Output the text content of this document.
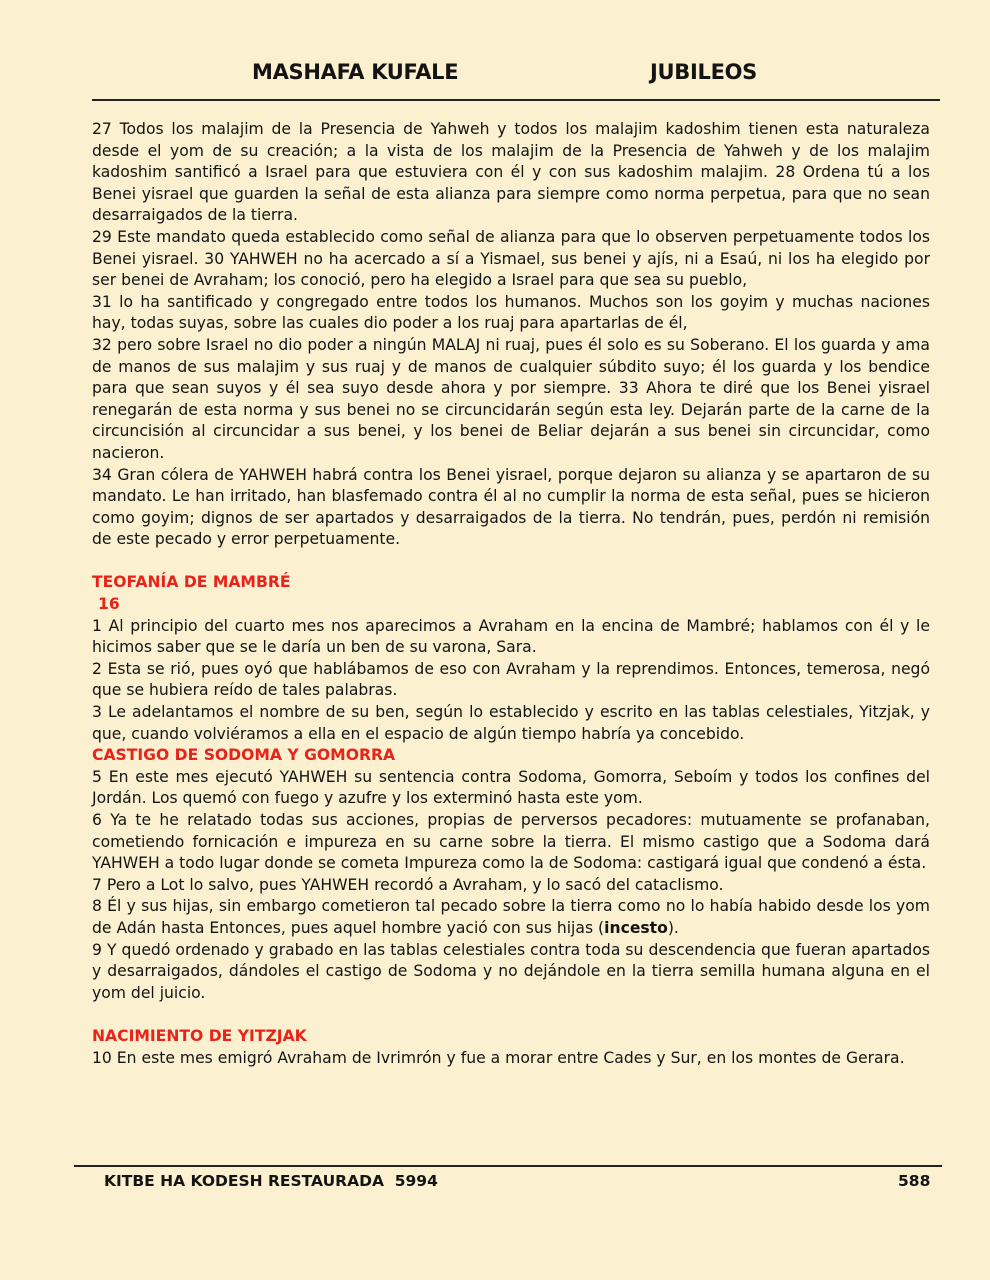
MASHAFA KUFALE	JUBILEOS

27 Todos los malajim de la Presencia de Yahweh y todos los malajim kadoshim tienen esta naturaleza desde el yom de su creación; a la vista de los malajim de la Presencia de Yahweh y de los malajim kadoshim santificó a Israel para que estuviera con él y con sus kadoshim malajim. 28 Ordena tú a los Benei yisrael que guarden la señal de esta alianza para siempre como norma perpetua, para que no sean desarraigados de la tierra.

29 Este mandato queda establecido como señal de alianza para que lo observen perpetuamente todos los Benei yisrael. 30 YAHWEH no ha acercado a sí a Yismael, sus benei y ajís, ni a Esaú, ni los ha elegido por ser benei de Avraham; los conoció, pero ha elegido a Israel para que sea su pueblo,

31 lo ha santificado y congregado entre todos los humanos. Muchos son los goyim y muchas naciones hay, todas suyas, sobre las cuales dio poder a los ruaj para apartarlas de él,

32 pero sobre Israel no dio poder a ningún MALAJ ni ruaj, pues él solo es su Soberano. El los guarda y ama de manos de sus malajim y sus ruaj y de manos de cualquier súbdito suyo; él los guarda y los bendice para que sean suyos y él sea suyo desde ahora y por siempre. 33 Ahora te diré que los Benei yisrael renegarán de esta norma y sus benei no se circuncidarán según esta ley. Dejarán parte de la carne de la circuncisión al circuncidar a sus benei, y los benei de Beliar dejarán a sus benei sin circuncidar, como nacieron.

34 Gran cólera de YAHWEH habrá contra los Benei yisrael, porque dejaron su alianza y se apartaron de su mandato. Le han irritado, han blasfemado contra él al no cumplir la norma de esta señal, pues se hicieron como goyim; dignos de ser apartados y desarraigados de la tierra. No tendrán, pues, perdón ni remisión de este pecado y error perpetuamente.

TEOFANÍA DE MAMBRÉ

16

1 Al principio del cuarto mes nos aparecimos a Avraham en la encina de Mambré; hablamos con él y le hicimos saber que se le daría un ben de su varona, Sara.

2 Esta se rió, pues oyó que hablábamos de eso con Avraham y la reprendimos. Entonces, temerosa, negó que se hubiera reído de tales palabras.

3 Le adelantamos el nombre de su ben, según lo establecido y escrito en las tablas celestiales, Yitzjak, y que, cuando volviéramos a ella en el espacio de algún tiempo habría ya concebido.

CASTIGO DE SODOMA Y GOMORRA

5 En este mes ejecutó YAHWEH su sentencia contra Sodoma, Gomorra, Seboím y todos los confines del Jordán. Los quemó con fuego y azufre y los exterminó hasta este yom.

6 Ya te he relatado todas sus acciones, propias de perversos pecadores: mutuamente se profanaban, cometiendo fornicación e impureza en su carne sobre la tierra. El mismo castigo que a Sodoma dará YAHWEH a todo lugar donde se cometa Impureza como la de Sodoma: castigará igual que condenó a ésta.

7 Pero a Lot lo salvo, pues YAHWEH recordó a Avraham, y lo sacó del cataclismo.

8 Él y sus hijas, sin embargo cometieron tal pecado sobre la tierra como no lo había habido desde los yom de Adán hasta Entonces, pues aquel hombre yació con sus hijas (incesto).

9 Y quedó ordenado y grabado en las tablas celestiales contra toda su descendencia que fueran apartados y desarraigados, dándoles el castigo de Sodoma y no dejándole en la tierra semilla humana alguna en el yom del juicio.

NACIMIENTO DE YITZJAK

10 En este mes emigró Avraham de Ivrimrón y fue a morar entre Cades y Sur, en los montes de Gerara.

KITBE HA KODESH RESTAURADA  5994	588
